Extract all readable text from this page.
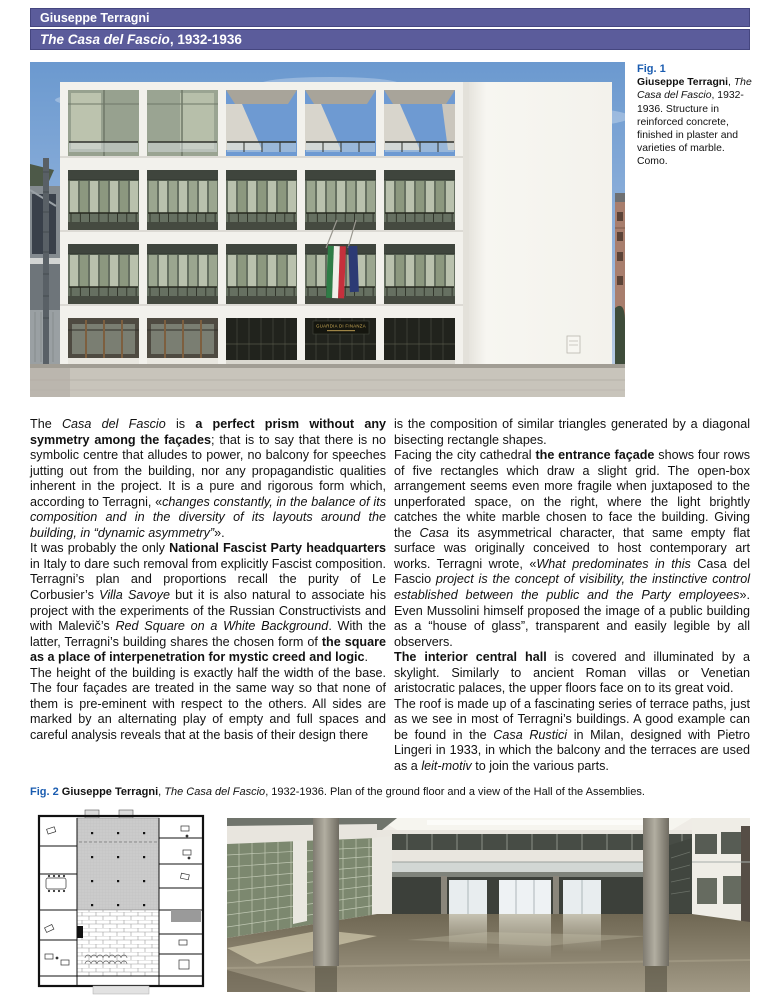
Giuseppe Terragni
The Casa del Fascio, 1932-1936
GUARDIA DI FINANZA
Fig. 1
Giuseppe Terragni, The Casa del Fascio, 1932-1936. Structure in reinforced concrete, finished in plaster and varieties of marble. Como.
The Casa del Fascio is a perfect prism without any symmetry among the façades; that is to say that there is no symbolic centre that alludes to power, no balcony for speeches jutting out from the building, nor any propagandistic qualities inherent in the project. It is a pure and rigorous form which, according to Terragni, «changes constantly, in the balance of its composition and in the diversity of its layouts around the building, in “dynamic asymmetry”».
It was probably the only National Fascist Party headquarters in Italy to dare such removal from explicitly Fascist composition. Terragni’s plan and proportions recall the purity of Le Corbusier’s Villa Savoye but it is also natural to associate his project with the experiments of the Russian Constructivists and with Malevič’s Red Square on a White Background. With the latter, Terragni’s building shares the chosen form of the square as a place of interpenetration for mystic creed and logic.
The height of the building is exactly half the width of the base. The four façades are treated in the same way so that none of them is pre-eminent with respect to the others. All sides are marked by an alternating play of empty and full spaces and careful analysis reveals that at the basis of their design there
is the composition of similar triangles generated by a diagonal bisecting rectangle shapes.
Facing the city cathedral the entrance façade shows four rows of five rectangles which draw a slight grid. The open-box arrangement seems even more fragile when juxtaposed to the unperforated space, on the right, where the light brightly catches the white marble chosen to face the building. Giving the Casa its asymmetrical character, that same empty flat surface was originally conceived to host contemporary art works. Terragni wrote, «What predominates in this Casa del Fascio project is the concept of visibility, the instinctive control established between the public and the Party employees». Even Mussolini himself proposed the image of a public building as a “house of glass”, transparent and easily legible by all observers.
The interior central hall is covered and illuminated by a skylight. Similarly to ancient Roman villas or Venetian aristocratic palaces, the upper floors face on to its great void.
The roof is made up of a fascinating series of terrace paths, just as we see in most of Terragni’s buildings. A good example can be found in the Casa Rustici in Milan, designed with Pietro Lingeri in 1933, in which the balcony and the terraces are used as a leit-motiv to join the various parts.
Fig. 2 Giuseppe Terragni, The Casa del Fascio, 1932-1936. Plan of the ground floor and a view of the Hall of the Assemblies.
